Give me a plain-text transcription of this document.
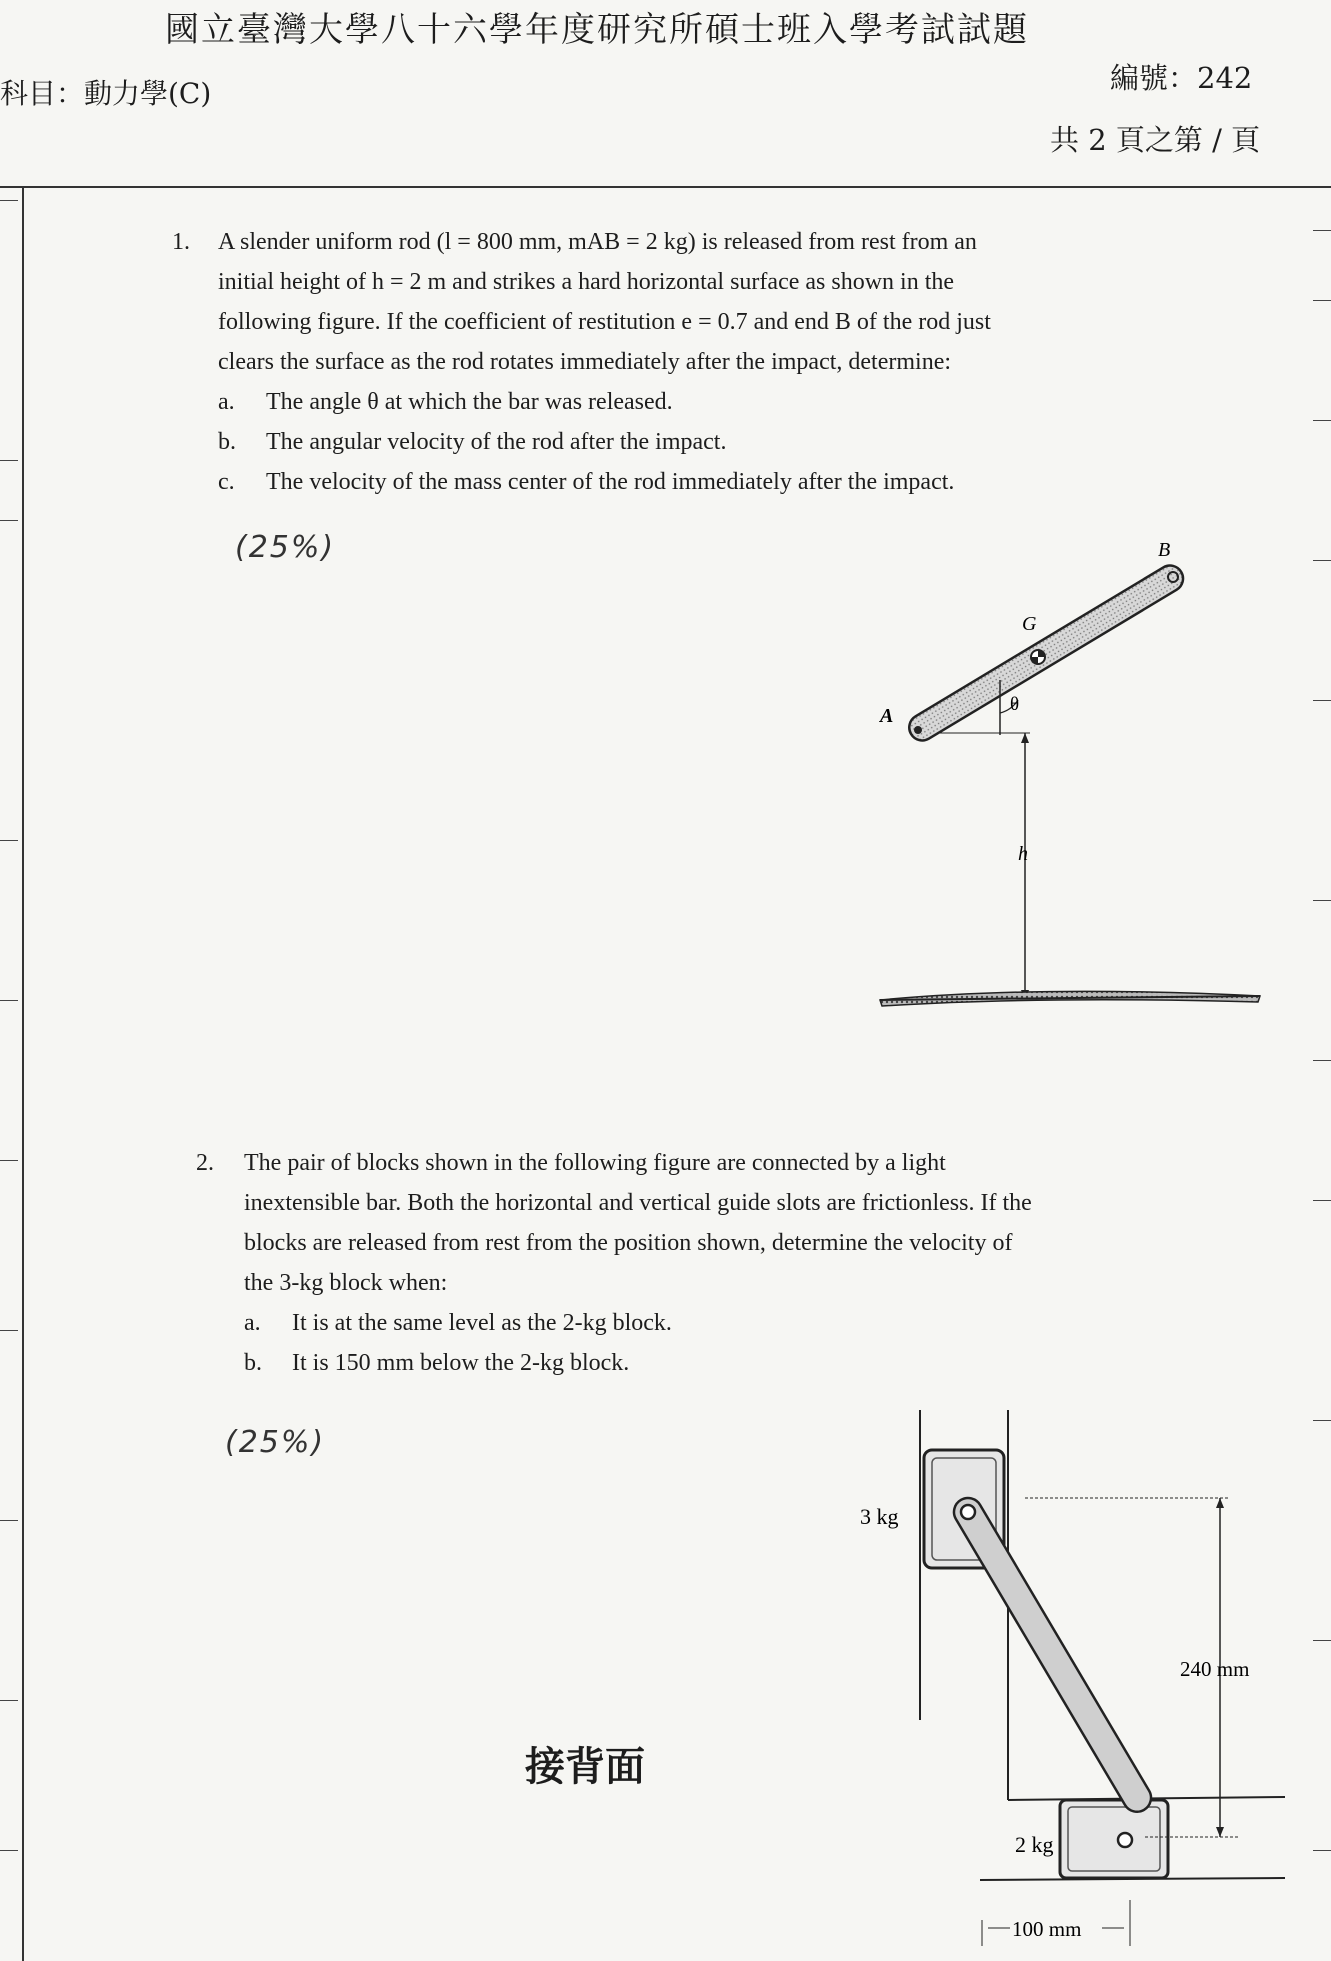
國立臺灣大學八十六學年度研究所碩士班入學考試試題
科目：動力學(C)	編號：242
共 2 頁之第 / 頁
1. A slender uniform rod (l = 800 mm, mAB = 2 kg) is released from rest from an
initial height of h = 2 m and strikes a hard horizontal surface as shown in the
following figure. If the coefficient of restitution e = 0.7 and end B of the rod just
clears the surface as the rod rotates immediately after the impact, determine:
a. The angle θ at which the bar was released.
b. The angular velocity of the rod after the impact.
c. The velocity of the mass center of the rod immediately after the impact.
(25%)
A
B
G
θ
h
2. The pair of blocks shown in the following figure are connected by a light
inextensible bar. Both the horizontal and vertical guide slots are frictionless. If the
blocks are released from rest from the position shown, determine the velocity of
the 3-kg block when:
a. It is at the same level as the 2-kg block.
b. It is 150 mm below the 2-kg block.
(25%)
3 kg
2 kg
240 mm
100 mm
接背面
